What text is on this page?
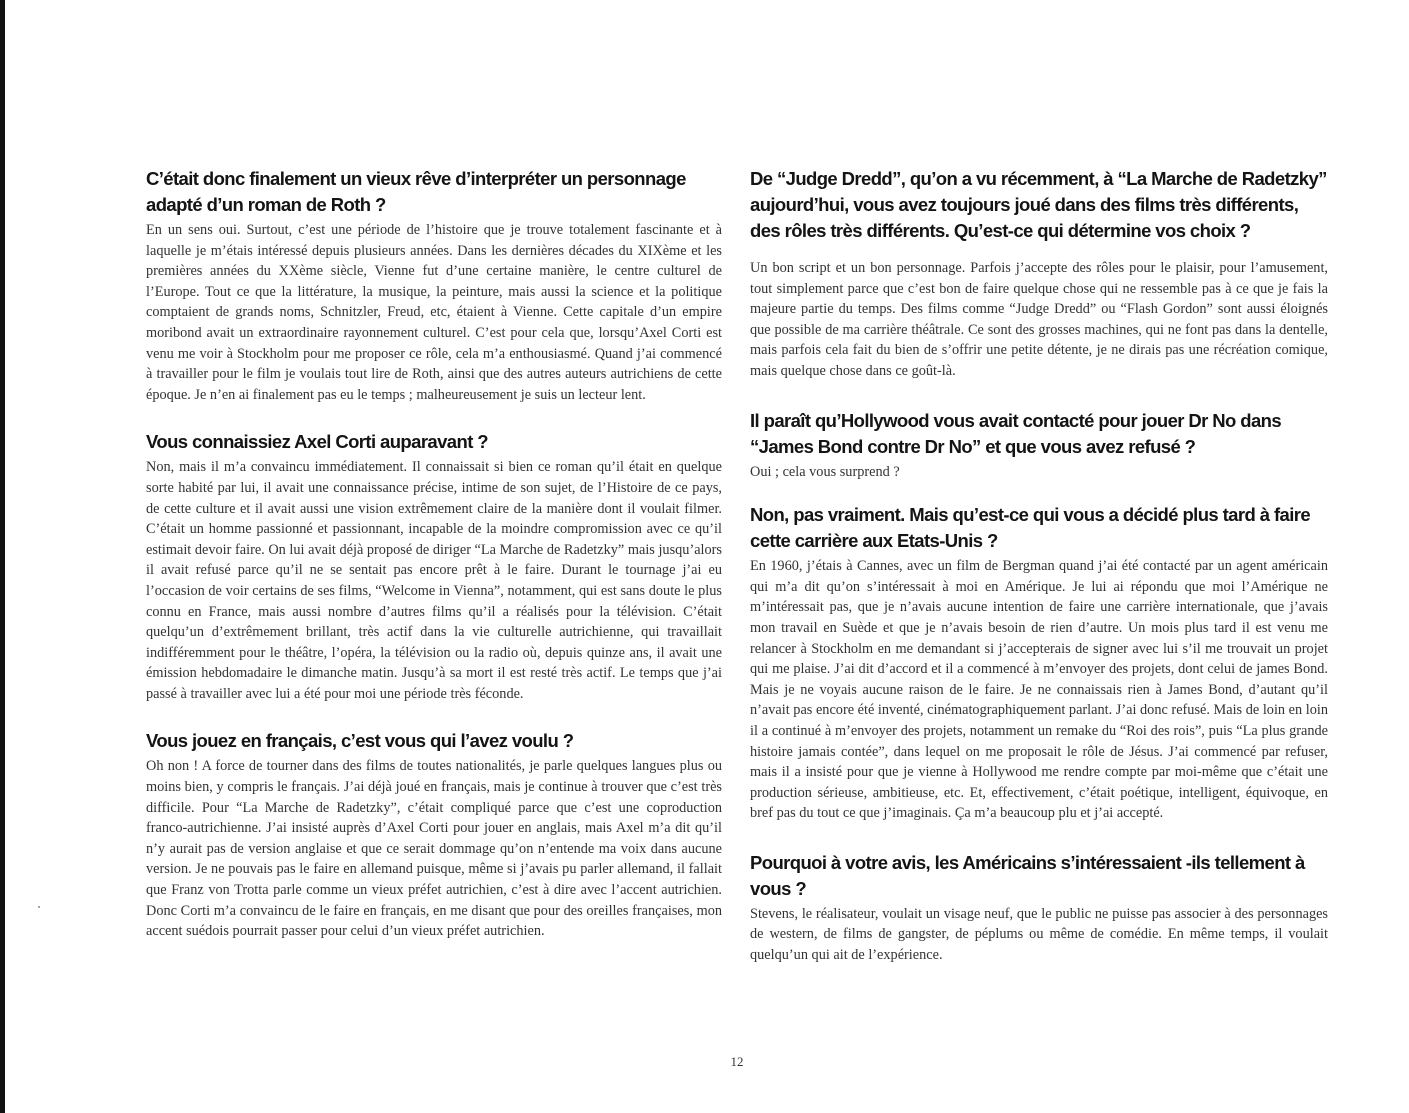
C’était donc finalement un vieux rêve d’interpréter un personnage adapté d’un roman de Roth ?

En un sens oui. Surtout, c’est une période de l’histoire que je trouve totalement fascinante et à laquelle je m’étais intéressé depuis plusieurs années. Dans les dernières décades du XIXème et les premières années du XXème siècle, Vienne fut d’une certaine manière, le centre culturel de l’Europe. Tout ce que la littérature, la musique, la peinture, mais aussi la science et la politique comptaient de grands noms, Schnitzler, Freud, etc, étaient à Vienne. Cette capitale d’un empire moribond avait un extraordinaire rayonnement culturel. C’est pour cela que, lorsqu’Axel Corti est venu me voir à Stockholm pour me proposer ce rôle, cela m’a enthousiasmé. Quand j’ai commencé à travailler pour le film je voulais tout lire de Roth, ainsi que des autres auteurs autrichiens de cette époque. Je n’en ai finalement pas eu le temps ; malheureusement je suis un lecteur lent.

Vous connaissiez Axel Corti auparavant ?

Non, mais il m’a convaincu immédiatement. Il connaissait si bien ce roman qu’il était en quelque sorte habité par lui, il avait une connaissance précise, intime de son sujet, de l’Histoire de ce pays, de cette culture et il avait aussi une vision extrêmement claire de la manière dont il voulait filmer. C’était un homme passionné et passionnant, incapable de la moindre compromission avec ce qu’il estimait devoir faire. On lui avait déjà proposé de diriger “La Marche de Radetzky” mais jusqu’alors il avait refusé parce qu’il ne se sentait pas encore prêt à le faire. Durant le tournage j’ai eu l’occasion de voir certains de ses films, “Welcome in Vienna”, notamment, qui est sans doute le plus connu en France, mais aussi nombre d’autres films qu’il a réalisés pour la télévision. C’était quelqu’un d’extrêmement brillant, très actif dans la vie culturelle autrichienne, qui travaillait indifféremment pour le théâtre, l’opéra, la télévision ou la radio où, depuis quinze ans, il avait une émission hebdomadaire le dimanche matin. Jusqu’à sa mort il est resté très actif. Le temps que j’ai passé à travailler avec lui a été pour moi une période très féconde.

Vous jouez en français, c’est vous qui l’avez voulu ?

Oh non ! A force de tourner dans des films de toutes nationalités, je parle quelques langues plus ou moins bien, y compris le français. J’ai déjà joué en français, mais je continue à trouver que c’est très difficile. Pour “La Marche de Radetzky”, c’était compliqué parce que c’est une coproduction franco-autrichienne. J’ai insisté auprès d’Axel Corti pour jouer en anglais, mais Axel m’a dit qu’il n’y aurait pas de version anglaise et que ce serait dommage qu’on n’entende ma voix dans aucune version. Je ne pouvais pas le faire en allemand puisque, même si j’avais pu parler allemand, il fallait que Franz von Trotta parle comme un vieux préfet autrichien, c’est à dire avec l’accent autrichien. Donc Corti m’a convaincu de le faire en français, en me disant que pour des oreilles françaises, mon accent suédois pourrait passer pour celui d’un vieux préfet autrichien.

De “Judge Dredd”, qu’on a vu récemment, à “La Marche de Radetzky” aujourd’hui, vous avez toujours joué dans des films très différents, des rôles très différents. Qu’est-ce qui détermine vos choix ?

Un bon script et un bon personnage. Parfois j’accepte des rôles pour le plaisir, pour l’amusement, tout simplement parce que c’est bon de faire quelque chose qui ne ressemble pas à ce que je fais la majeure partie du temps. Des films comme “Judge Dredd” ou “Flash Gordon” sont aussi éloignés que possible de ma carrière théâtrale. Ce sont des grosses machines, qui ne font pas dans la dentelle, mais parfois cela fait du bien de s’offrir une petite détente, je ne dirais pas une récréation comique, mais quelque chose dans ce goût-là.

Il paraît qu’Hollywood vous avait contacté pour jouer Dr No dans “James Bond contre Dr No” et que vous avez refusé ?

Oui ; cela vous surprend ?

Non, pas vraiment. Mais qu’est-ce qui vous a décidé plus tard à faire cette carrière aux Etats-Unis ?

En 1960, j’étais à Cannes, avec un film de Bergman quand j’ai été contacté par un agent américain qui m’a dit qu’on s’intéressait à moi en Amérique. Je lui ai répondu que moi l’Amérique ne m’intéressait pas, que je n’avais aucune intention de faire une carrière internationale, que j’avais mon travail en Suède et que je n’avais besoin de rien d’autre. Un mois plus tard il est venu me relancer à Stockholm en me demandant si j’accepterais de signer avec lui s’il me trouvait un projet qui me plaise. J’ai dit d’accord et il a commencé à m’envoyer des projets, dont celui de james Bond. Mais je ne voyais aucune raison de le faire. Je ne connaissais rien à James Bond, d’autant qu’il n’avait pas encore été inventé, cinématographiquement parlant. J’ai donc refusé. Mais de loin en loin il a continué à m’envoyer des projets, notamment un remake du “Roi des rois”, puis “La plus grande histoire jamais contée”, dans lequel on me proposait le rôle de Jésus. J’ai commencé par refuser, mais il a insisté pour que je vienne à Hollywood me rendre compte par moi-même que c’était une production sérieuse, ambitieuse, etc. Et, effectivement, c’était poétique, intelligent, équivoque, en bref pas du tout ce que j’imaginais. Ça m’a beaucoup plu et j’ai accepté.

Pourquoi à votre avis, les Américains s’intéressaient -ils tellement à vous ?

Stevens, le réalisateur, voulait un visage neuf, que le public ne puisse pas associer à des personnages de western, de films de gangster, de péplums ou même de comédie. En même temps, il voulait quelqu’un qui ait de l’expérience.

12
